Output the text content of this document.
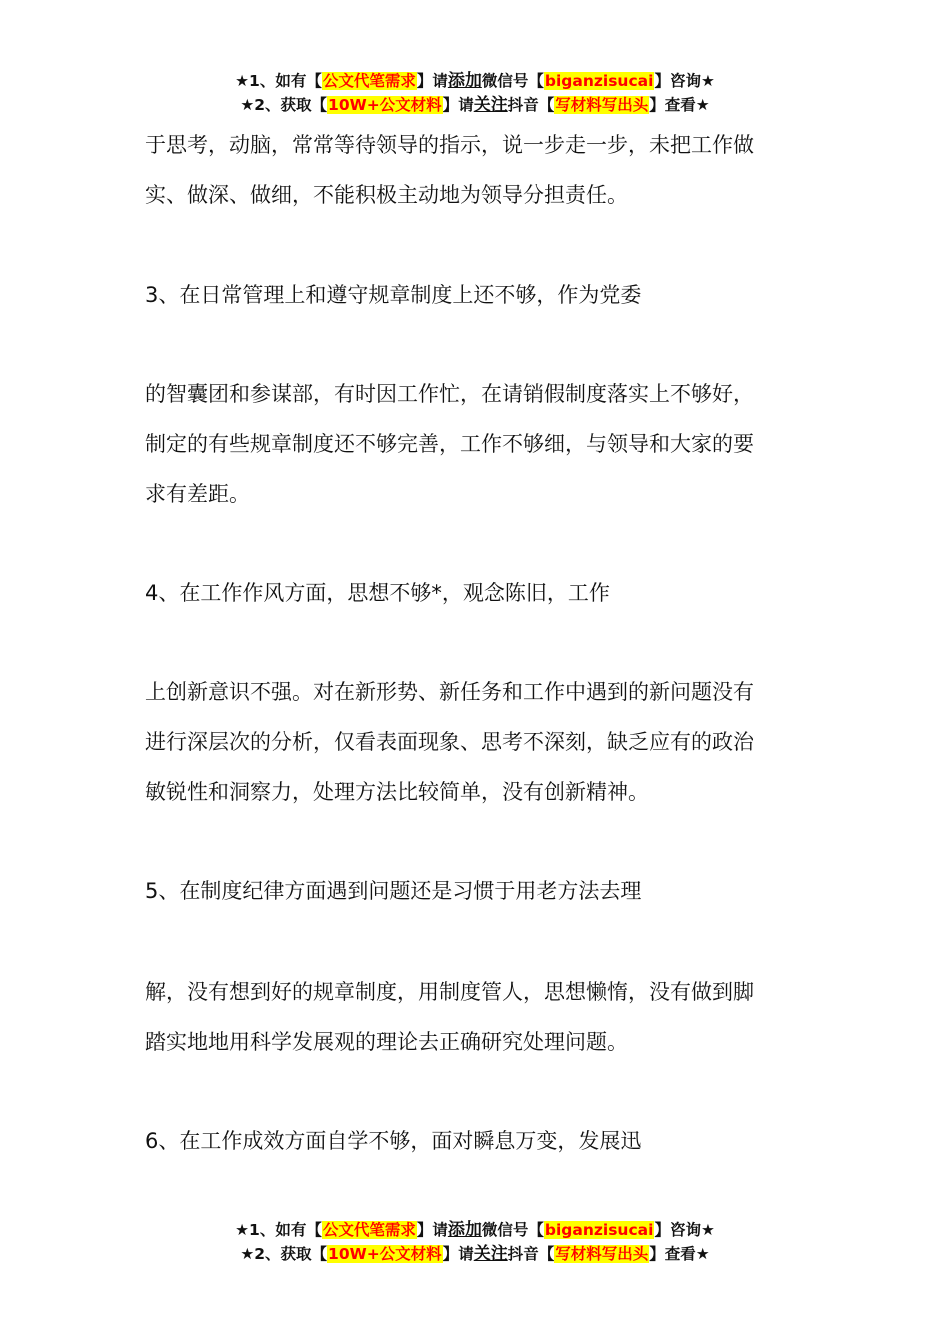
★1、如有【公文代笔需求】请添加微信号【biganzisucai】咨询★
★2、获取【10W+公文材料】请关注抖音【写材料写出头】查看★
于思考，动脑，常常等待领导的指示，说一步走一步，未把工作做
实、做深、做细，不能积极主动地为领导分担责任。
3、在日常管理上和遵守规章制度上还不够，作为党委
的智囊团和参谋部，有时因工作忙，在请销假制度落实上不够好，
制定的有些规章制度还不够完善，工作不够细，与领导和大家的要
求有差距。
4、在工作作风方面，思想不够*，观念陈旧，工作
上创新意识不强。对在新形势、新任务和工作中遇到的新问题没有
进行深层次的分析，仅看表面现象、思考不深刻，缺乏应有的政治
敏锐性和洞察力，处理方法比较简单，没有创新精神。
5、在制度纪律方面遇到问题还是习惯于用老方法去理
解，没有想到好的规章制度，用制度管人，思想懒惰，没有做到脚
踏实地地用科学发展观的理论去正确研究处理问题。
6、在工作成效方面自学不够，面对瞬息万变，发展迅
★1、如有【公文代笔需求】请添加微信号【biganzisucai】咨询★
★2、获取【10W+公文材料】请关注抖音【写材料写出头】查看★
